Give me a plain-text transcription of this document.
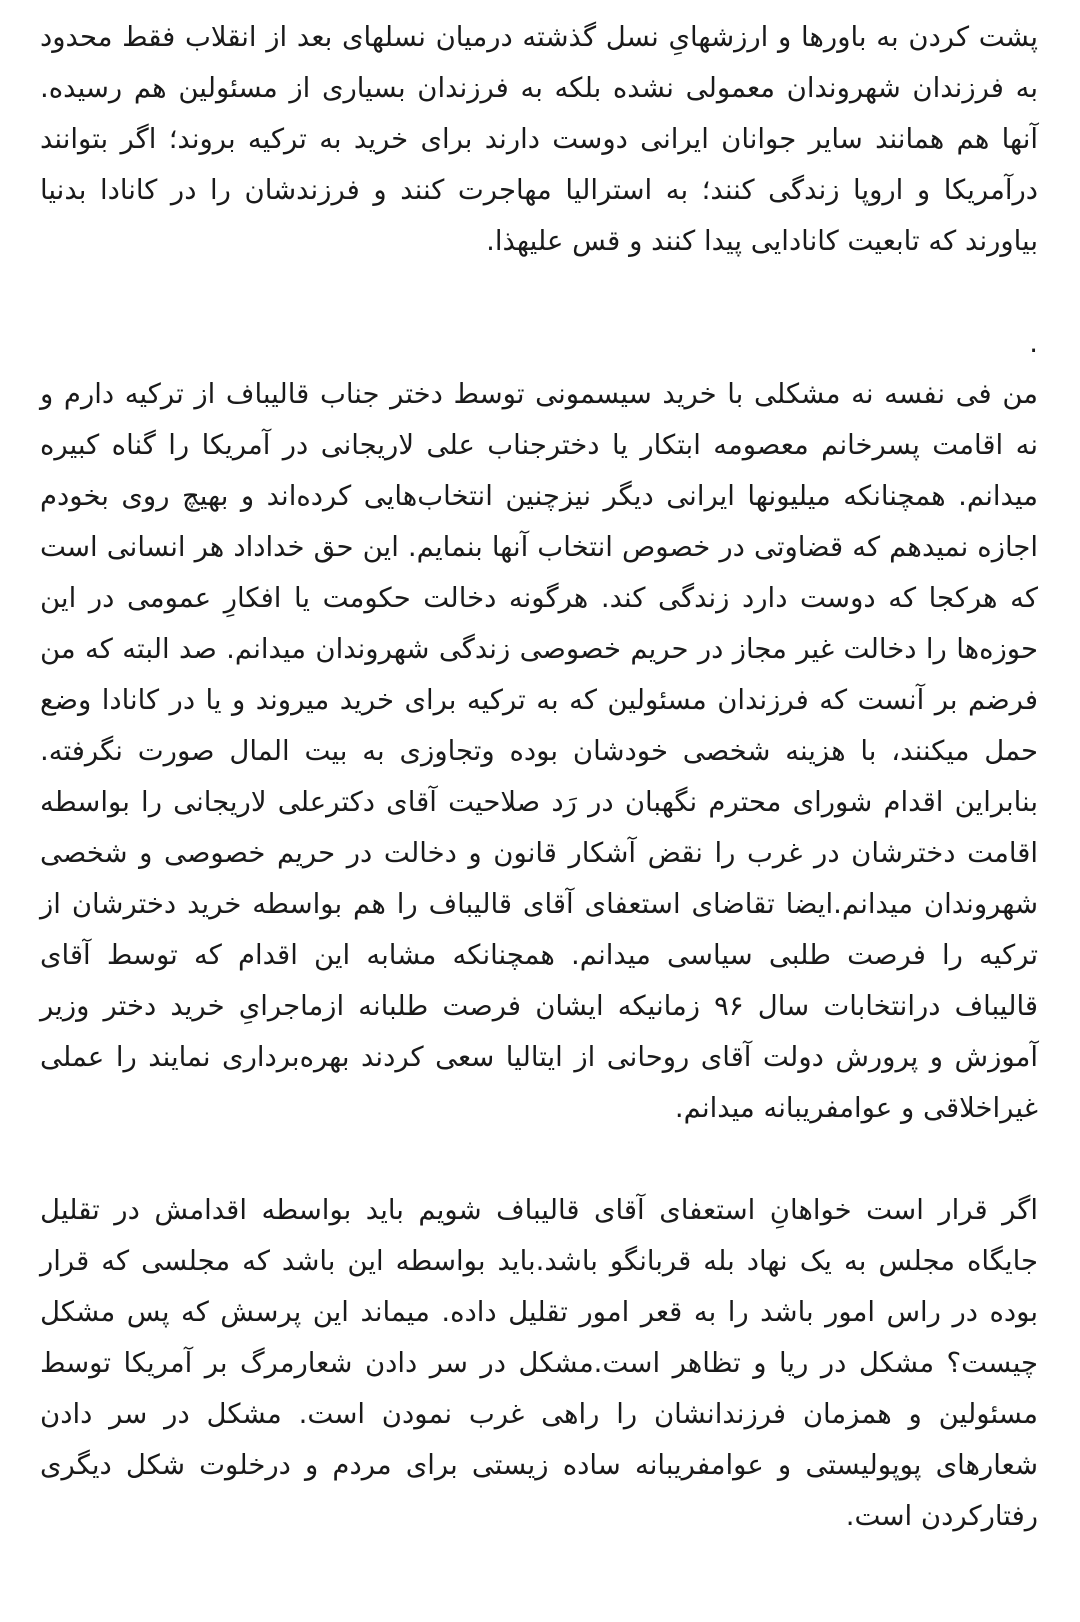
پشت کردن به باورها و ارزشهایِ نسل گذشته درمیان نسلهای بعد از انقلاب فقط محدود به فرزندان شهروندان معمولی نشده بلکه به فرزندان بسیاری از مسئولین هم رسیده. آنها هم همانند سایر جوانان ایرانی دوست دارند برای خرید به ترکیه بروند؛ اگر بتوانند درآمریکا و اروپا زندگی کنند؛ به استرالیا مهاجرت کنند و فرزندشان را در کانادا بدنیا بیاورند که تابعیت کانادایی پیدا کنند و قس علیهذا.

.

من فی نفسه نه مشکلی با خرید سیسمونی توسط دختر جناب قالیباف از ترکیه دارم و نه اقامت پسرخانم معصومه ابتکار یا دخترجناب علی لاریجانی در آمریکا را گناه کبیره میدانم. همچنانکه میلیونها ایرانی دیگر نیزچنین انتخاب‌هایی کرده‌اند و بهیچ روی بخودم اجازه نمیدهم که قضاوتی در خصوص انتخاب آنها بنمایم. این حق خداداد هر انسانی است که هرکجا که دوست دارد زندگی کند. هرگونه دخالت حکومت یا افکارِ عمومی در این حوزه‌ها را دخالت غیر مجاز در حریم خصوصی زندگی شهروندان میدانم. صد البته که من فرضم بر آنست که فرزندان مسئولین که به ترکیه برای خرید میروند و یا در کانادا وضع حمل میکنند، با هزینه شخصی خودشان بوده وتجاوزی به بیت المال صورت نگرفته. بنابراین اقدام شورای محترم نگهبان در رَد صلاحیت آقای دکترعلی لاریجانی را بواسطه اقامت دخترشان در غرب را نقض آشکار قانون و دخالت در حریم خصوصی و شخصی شهروندان میدانم.ایضا تقاضای استعفای آقای قالیباف را هم بواسطه خرید دخترشان از ترکیه را فرصت طلبی سیاسی میدانم. همچنانکه مشابه این اقدام که توسط آقای قالیباف درانتخابات سال ۹۶ زمانیکه ایشان فرصت طلبانه ازماجرایِ خرید دختر وزیر آموزش و پرورش دولت آقای روحانی از ایتالیا سعی کردند بهره‌برداری نمایند را عملی غیراخلاقی و عوامفریبانه میدانم.

اگر قرار است خواهانِ استعفای آقای قالیباف شویم باید بواسطه اقدامش در تقلیل جایگاه مجلس به یک نهاد بله قربانگو باشد.باید بواسطه این باشد که مجلسی که قرار بوده در راس امور باشد را به قعر امور تقلیل داده. میماند این پرسش که پس مشکل چیست؟ مشکل در ریا و تظاهر است.مشکل در سر دادن شعارمرگ بر آمریکا توسط مسئولین و همزمان فرزندانشان را راهی غرب نمودن است. مشکل در سر دادن شعارهای پوپولیستی و عوامفریبانه ساده زیستی برای مردم و درخلوت شکل دیگری رفتارکردن است.
